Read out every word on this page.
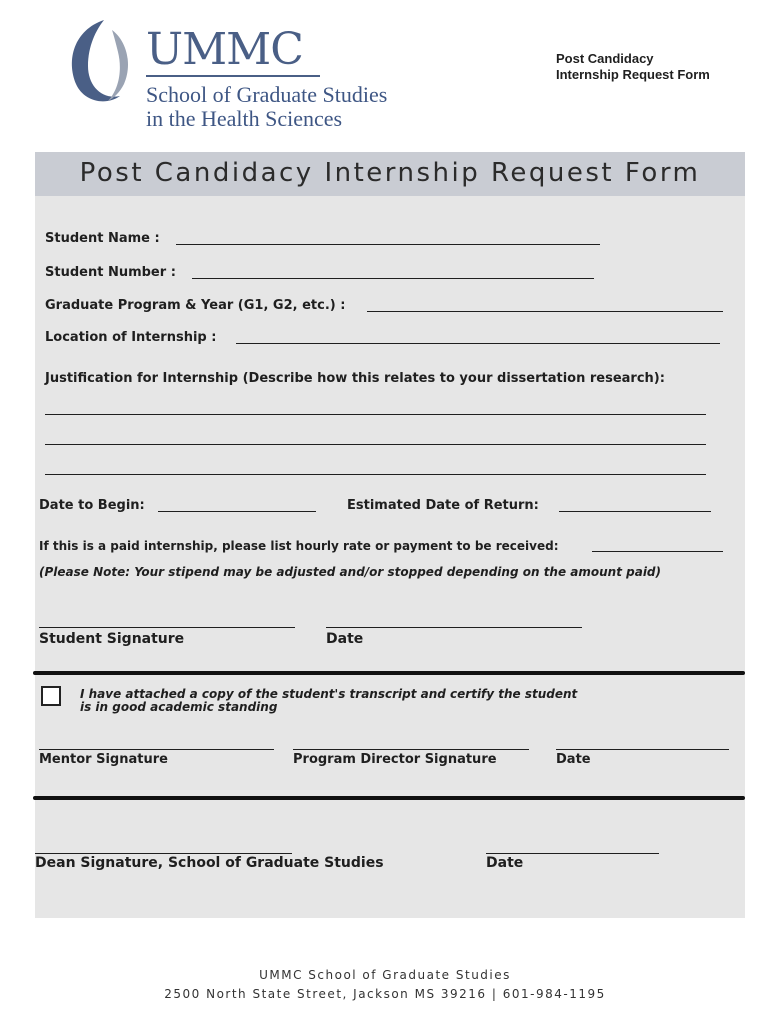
UMMC
School of Graduate Studies
in the Health Sciences
Post Candidacy
Internship Request Form
Post Candidacy Internship Request Form
Student Name :
Student Number :
Graduate Program & Year (G1, G2, etc.) :
Location of Internship :
Justification for Internship (Describe how this relates to your dissertation research):
Date to Begin:	Estimated Date of Return:
If this is a paid internship, please list hourly rate or payment to be received:
(Please Note: Your stipend may be adjusted and/or stopped depending on the amount paid)
Student Signature	Date
I have attached a copy of the student's transcript and certify the student
is in good academic standing
Mentor Signature	Program Director Signature	Date
Dean Signature, School of Graduate Studies	Date
UMMC School of Graduate Studies
2500 North State Street, Jackson MS 39216 | 601-984-1195
